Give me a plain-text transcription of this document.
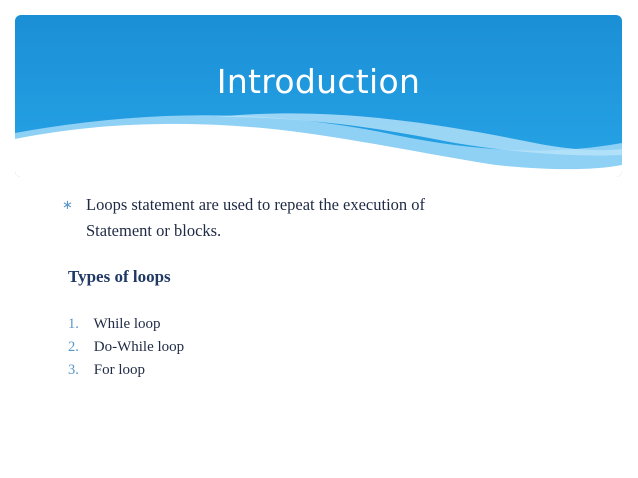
Introduction
∗ Loops statement are used to repeat the execution of
Statement or blocks.
Types of loops
1. While loop
2. Do-While loop
3. For loop
